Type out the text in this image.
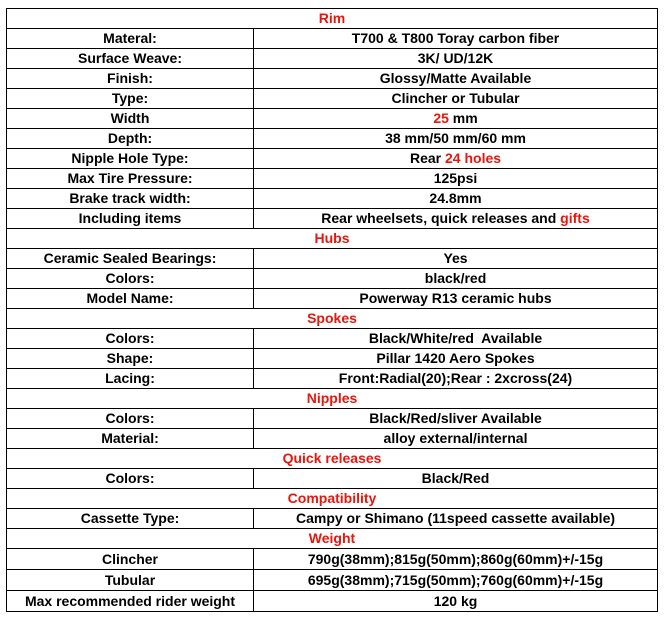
Rim	
Materal:	T700 & T800 Toray carbon fiber
Surface Weave:	3K/ UD/12K
Finish:	Glossy/Matte Available
Type:	Clincher or Tubular
Width	25 mm
Depth:	38 mm/50 mm/60 mm
Nipple Hole Type:	Rear 24 holes
Max Tire Pressure:	125psi
Brake track width:	24.8mm
Including items	Rear wheelsets, quick releases and gifts
Hubs	
Ceramic Sealed Bearings:	Yes
Colors:	black/red
Model Name:	Powerway R13 ceramic hubs
Spokes	
Colors:	Black/White/red  Available
Shape:	Pillar 1420 Aero Spokes
Lacing:	Front:Radial(20);Rear : 2xcross(24)
Nipples	
Colors:	Black/Red/sliver Available
Material:	alloy external/internal
Quick releases	
Colors:	Black/Red
Compatibility	
Cassette Type:	Campy or Shimano (11speed cassette available)
Weight	
Clincher	790g(38mm);815g(50mm);860g(60mm)+/-15g
Tubular	695g(38mm);715g(50mm);760g(60mm)+/-15g
Max recommended rider weight	120 kg
